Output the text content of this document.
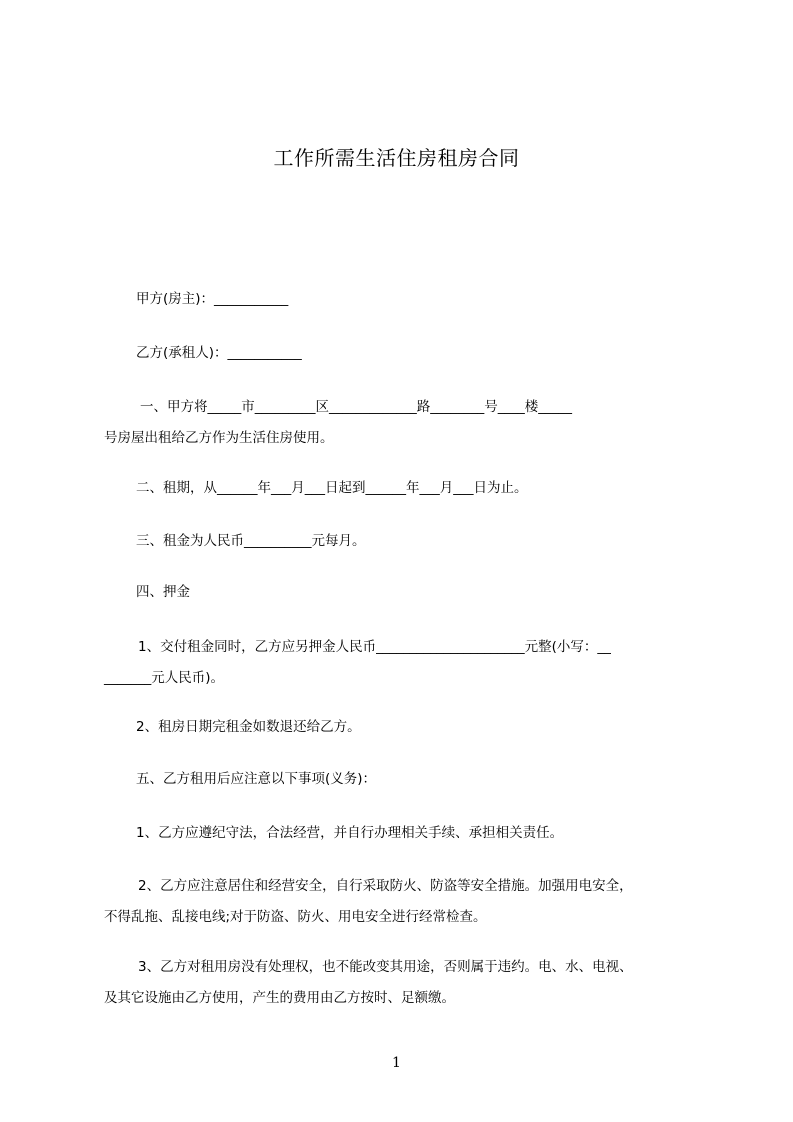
工作所需生活住房租房合同
甲方(房主)：___________
乙方(承租人)：___________
一、甲方将_____市_________区_____________路________号____楼_____
号房屋出租给乙方作为生活住房使用。
二、租期，从______年___月___日起到______年___月___日为止。
三、租金为人民币__________元每月。
四、押金
1、交付租金同时，乙方应另押金人民币______________________元整(小写：__
_______元人民币)。
2、租房日期完租金如数退还给乙方。
五、乙方租用后应注意以下事项(义务)：
1、乙方应遵纪守法，合法经营，并自行办理相关手续、承担相关责任。
2、乙方应注意居住和经营安全，自行采取防火、防盗等安全措施。加强用电安全，
不得乱拖、乱接电线;对于防盗、防火、用电安全进行经常检查。
3、乙方对租用房没有处理权，也不能改变其用途，否则属于违约。电、水、电视、
及其它设施由乙方使用，产生的费用由乙方按时、足额缴。
1
